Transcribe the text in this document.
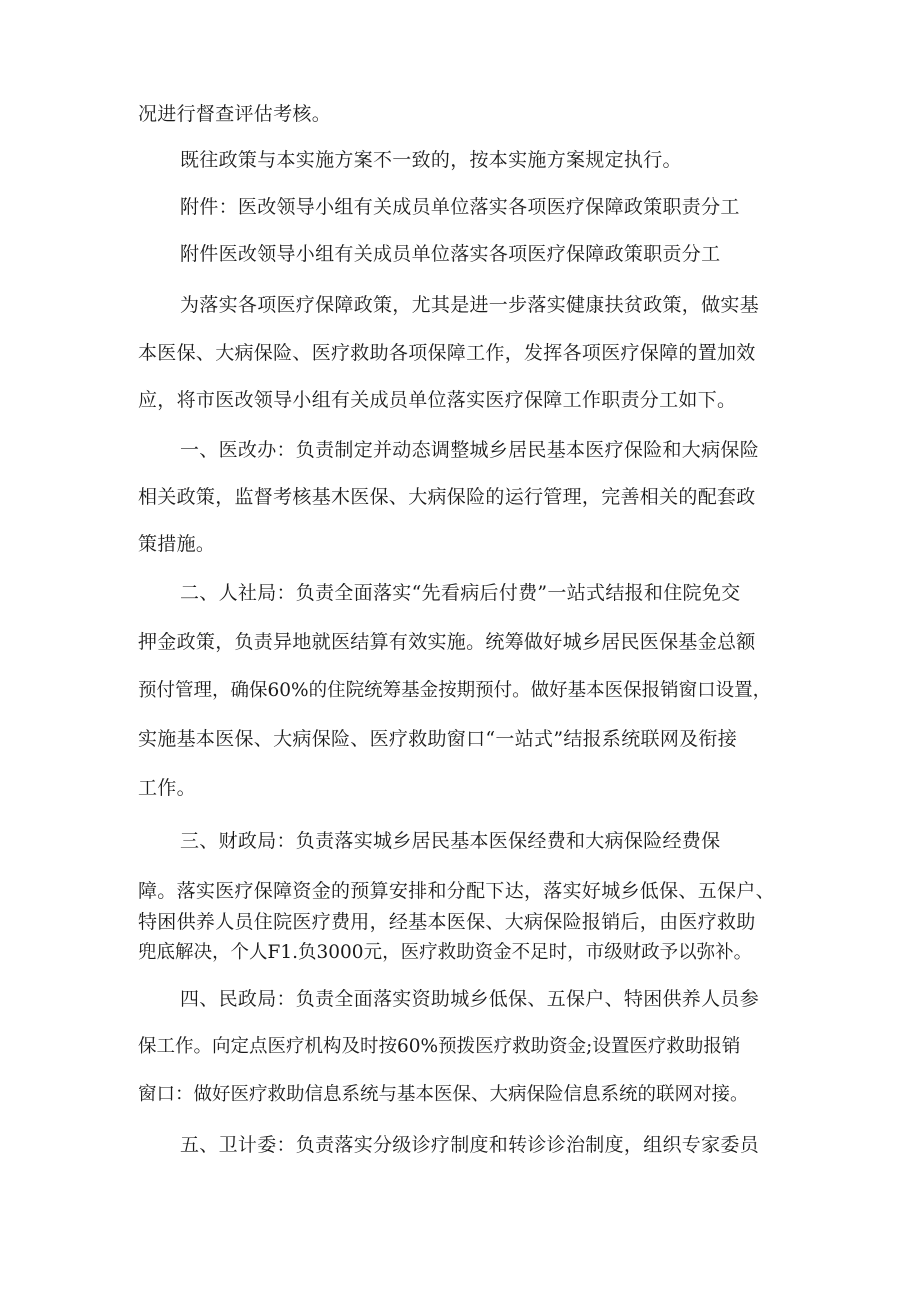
况进行督查评估考核。
既往政策与本实施方案不一致的，按本实施方案规定执行。
附件：医改领导小组有关成员单位落实各项医疗保障政策职责分工
附件医改领导小组有关成员单位落实各项医疗保障政策职贡分工
为落实各项医疗保障政策，尤其是进一步落实健康扶贫政策，做实基
本医保、大病保险、医疗救助各项保障工作，发挥各项医疗保障的置加效
应，将市医改领导小组有关成员单位落实医疗保障工作职责分工如下。
一、医改办：负责制定并动态调整城乡居民基本医疗保险和大病保险
相关政策，监督考核基木医保、大病保险的运行管理，完善相关的配套政
策措施。
二、人社局：负责全面落实“先看病后付费”一站式结报和住院免交
押金政策，负责异地就医结算有效实施。统筹做好城乡居民医保基金总额
预付管理，确保60%的住院统筹基金按期预付。做好基本医保报销窗口设置，
实施基本医保、大病保险、医疗救助窗口“一站式”结报系统联网及衔接
工作。
三、财政局：负责落实城乡居民基本医保经费和大病保险经费保
障。落实医疗保障资金的预算安排和分配下达，落实好城乡低保、五保户、
特困供养人员住院医疗费用，经基本医保、大病保险报销后，由医疗救助
兜底解决，个人F1.负3000元，医疗救助资金不足时，市级财政予以弥补。
四、民政局：负责全面落实资助城乡低保、五保户、特困供养人员参
保工作。向定点医疗机构及时按60%预拨医疗救助资金;设置医疗救助报销
窗口：做好医疗救助信息系统与基本医保、大病保险信息系统的联网对接。
五、卫计委：负责落实分级诊疗制度和转诊诊治制度，组织专家委员
